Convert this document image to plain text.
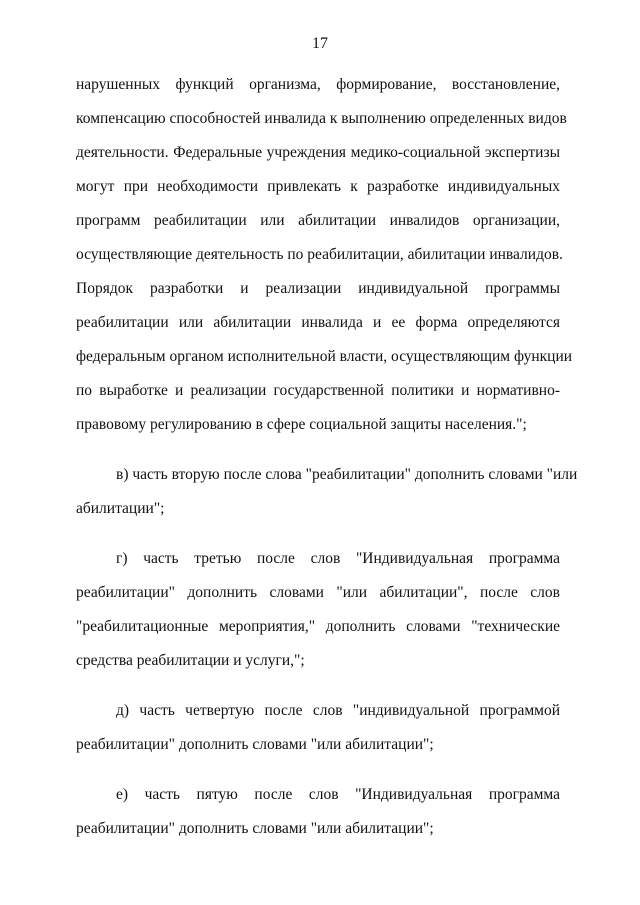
17
нарушенных функций организма, формирование, восстановление,
компенсацию способностей инвалида к выполнению определенных видов
деятельности. Федеральные учреждения медико-социальной экспертизы
могут при необходимости привлекать к разработке индивидуальных
программ реабилитации или абилитации инвалидов организации,
осуществляющие деятельность по реабилитации, абилитации инвалидов.
Порядок разработки и реализации индивидуальной программы
реабилитации или абилитации инвалида и ее форма определяются
федеральным органом исполнительной власти, осуществляющим функции
по выработке и реализации государственной политики и нормативно-
правовому регулированию в сфере социальной защиты населения.";
в) часть вторую после слова "реабилитации" дополнить словами "или
абилитации";
г) часть третью после слов "Индивидуальная программа
реабилитации" дополнить словами "или абилитации", после слов
"реабилитационные мероприятия," дополнить словами "технические
средства реабилитации и услуги,";
д) часть четвертую после слов "индивидуальной программой
реабилитации" дополнить словами "или абилитации";
е) часть пятую после слов "Индивидуальная программа
реабилитации" дополнить словами "или абилитации";
